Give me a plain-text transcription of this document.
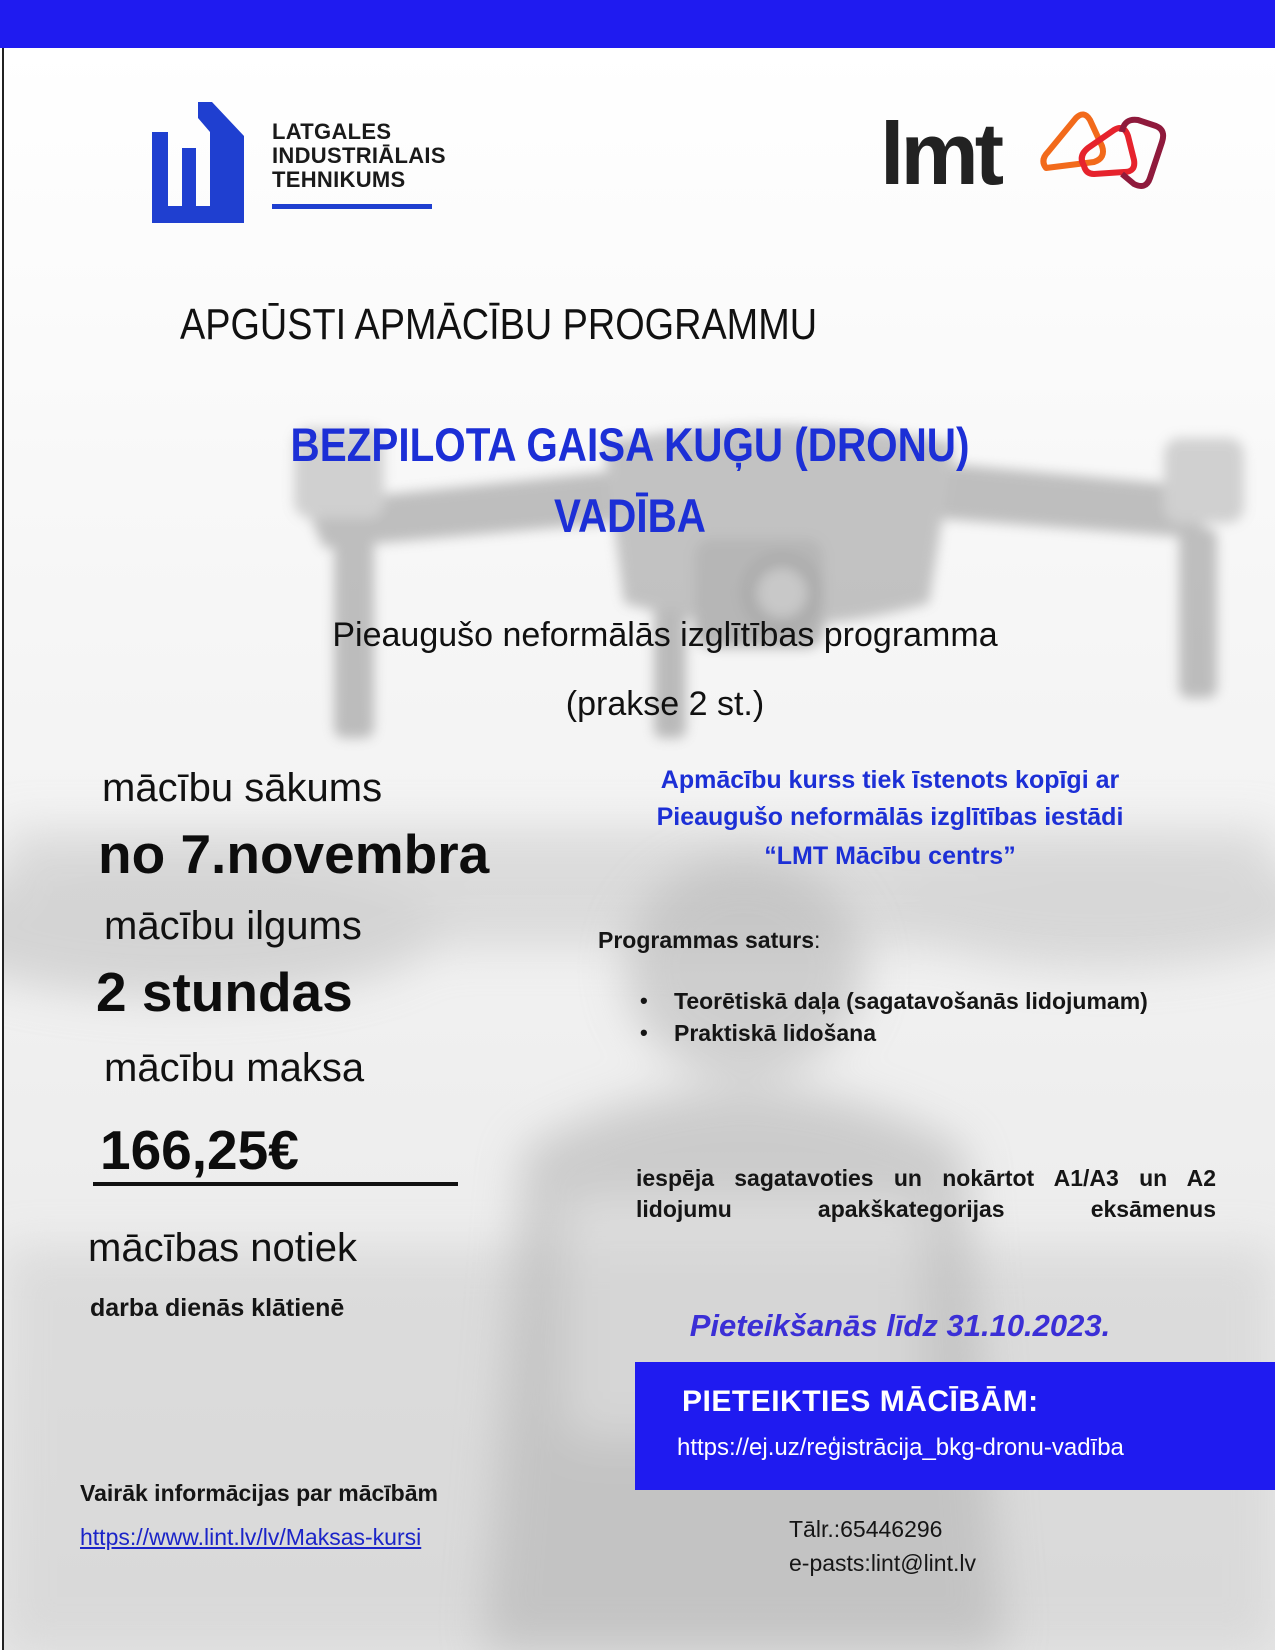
LATGALES
INDUSTRIĀLAIS
TEHNIKUMS	lmt
APGŪSTI APMĀCĪBU PROGRAMMU
BEZPILOTA GAISA KUĢU (DRONU)
VADĪBA
Pieaugušo neformālās izglītības programma
(prakse 2 st.)
mācību sākums
no 7.novembra
mācību ilgums
2 stundas
mācību maksa
166,25€
mācības notiek
darba dienās klātienē
Apmācību kurss tiek īstenots kopīgi ar
Pieaugušo neformālās izglītības iestādi
“LMT Mācību centrs”
Programmas saturs:
• Teorētiskā daļa (sagatavošanās lidojumam)
• Praktiskā lidošana
iespēja sagatavoties un nokārtot A1/A3 un A2 lidojumu apakškategorijas eksāmenus
Pieteikšanās līdz 31.10.2023.
PIETEIKTIES MĀCĪBĀM:
https://ej.uz/reģistrācija_bkg-dronu-vadība
Vairāk informācijas par mācībām
https://www.lint.lv/lv/Maksas-kursi	Tālr.:65446296
e-pasts:lint@lint.lv
